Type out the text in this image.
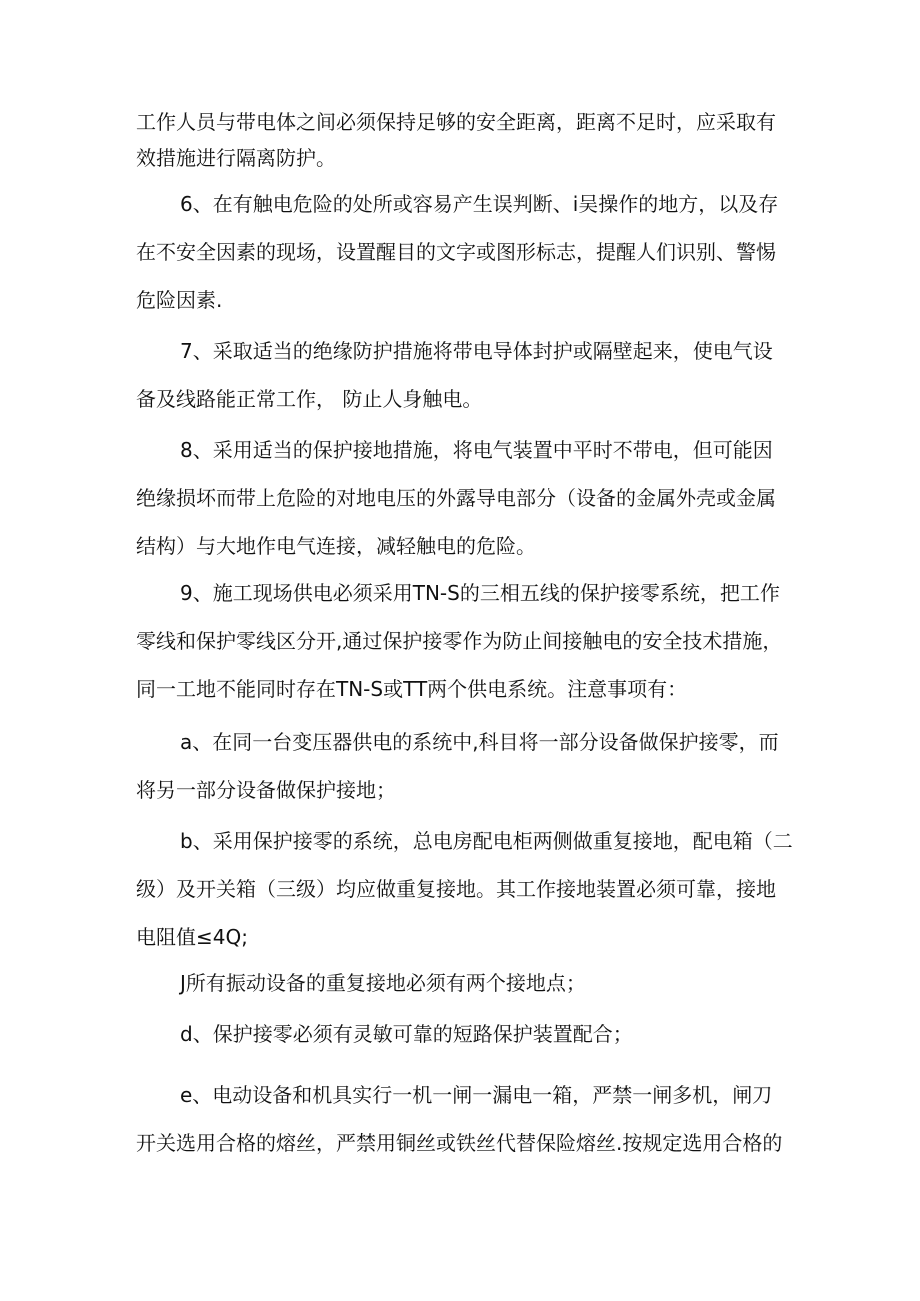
工作人员与带电体之间必须保持足够的安全距离，距离不足时，应采取有
效措施进行隔离防护。
6、在有触电危险的处所或容易产生误判断、i吴操作的地方，以及存
在不安全因素的现场，设置醒目的文字或图形标志，提醒人们识别、警惕
危险因素.
7、采取适当的绝缘防护措施将带电导体封护或隔壁起来，使电气设
备及线路能正常工作， 防止人身触电。
8、采用适当的保护接地措施，将电气装置中平时不带电，但可能因
绝缘损坏而带上危险的对地电压的外露导电部分（设备的金属外壳或金属
结构）与大地作电气连接，减轻触电的危险。
9、施工现场供电必须采用TN-S的三相五线的保护接零系统，把工作
零线和保护零线区分开,通过保护接零作为防止间接触电的安全技术措施，
同一工地不能同时存在TN-S或TT两个供电系统。注意事项有：
a、在同一台变压器供电的系统中,科目将一部分设备做保护接零，而
将另一部分设备做保护接地；
b、采用保护接零的系统，总电房配电柜两侧做重复接地，配电箱（二
级）及开关箱（三级）均应做重复接地。其工作接地装置必须可靠，接地
电阻值≤4Q;
J所有振动设备的重复接地必须有两个接地点；
d、保护接零必须有灵敏可靠的短路保护装置配合；
e、电动设备和机具实行一机一闸一漏电一箱，严禁一闸多机，闸刀
开关选用合格的熔丝，严禁用铜丝或铁丝代替保险熔丝.按规定选用合格的
